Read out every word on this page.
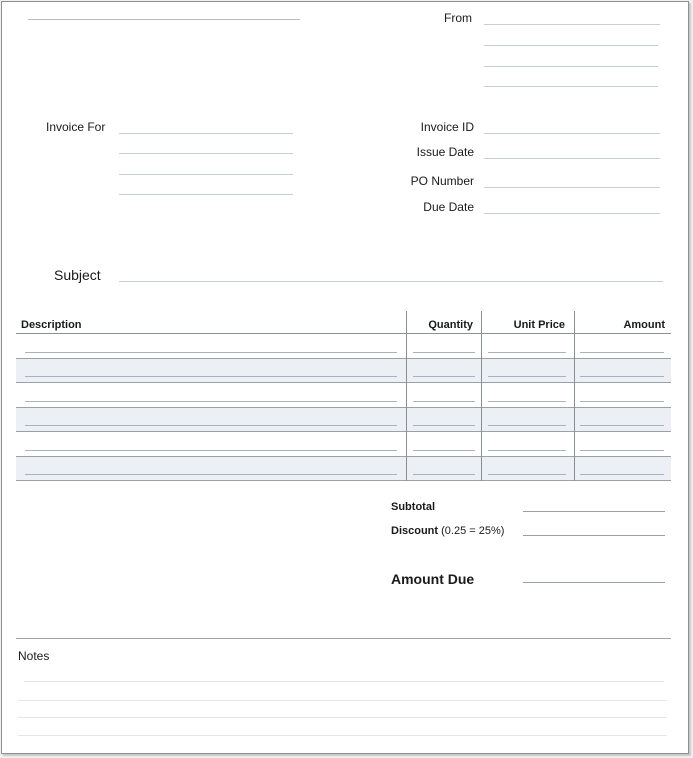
From
Invoice For	Invoice ID
Issue Date
PO Number
Due Date
Subject
Description	Quantity	Unit Price	Amount
Subtotal
Discount (0.25 = 25%)
Amount Due
Notes
